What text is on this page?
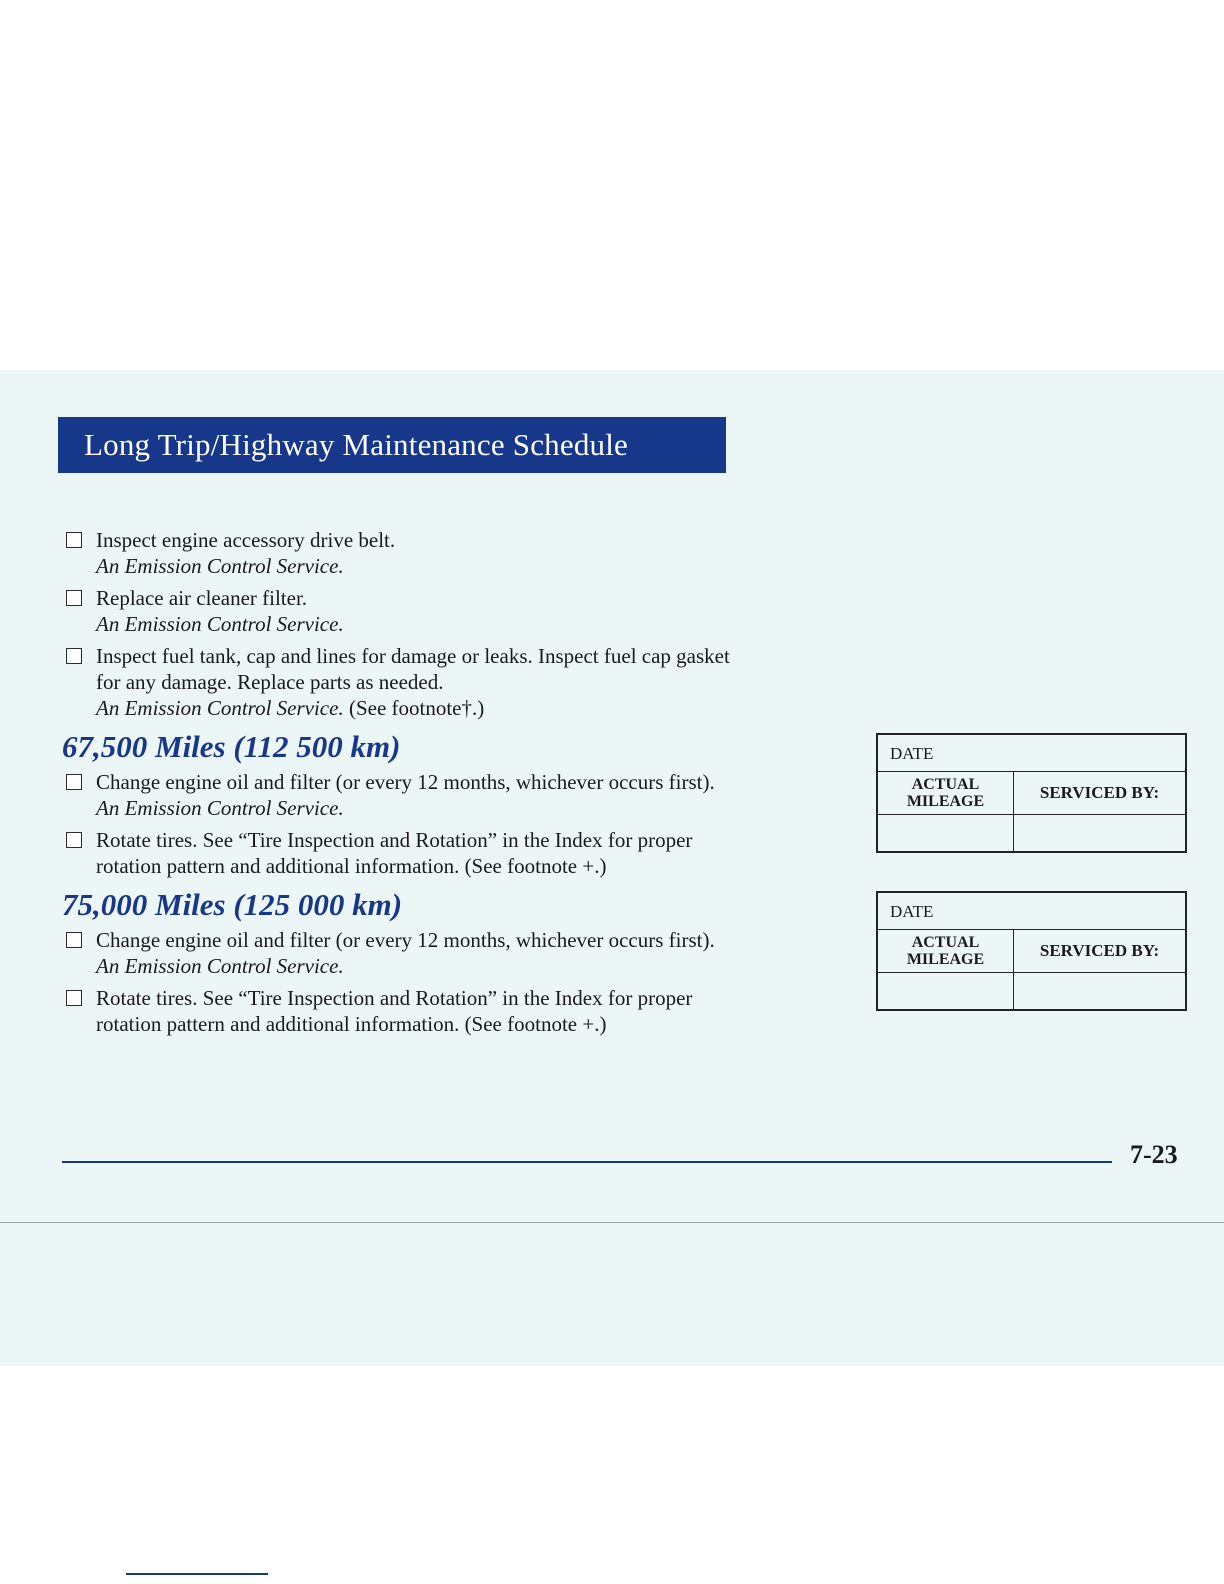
Long Trip/Highway Maintenance Schedule
Inspect engine accessory drive belt.
An Emission Control Service.
Replace air cleaner filter.
An Emission Control Service.
Inspect fuel tank, cap and lines for damage or leaks. Inspect fuel cap gasket
for any damage. Replace parts as needed.
An Emission Control Service. (See footnote†.)
67,500 Miles (112 500 km)
Change engine oil and filter (or every 12 months, whichever occurs first).
An Emission Control Service.
Rotate tires. See “Tire Inspection and Rotation” in the Index for proper
rotation pattern and additional information. (See footnote +.)
75,000 Miles (125 000 km)
Change engine oil and filter (or every 12 months, whichever occurs first).
An Emission Control Service.
Rotate tires. See “Tire Inspection and Rotation” in the Index for proper
rotation pattern and additional information. (See footnote +.)
DATE
ACTUAL
MILEAGE	SERVICED BY:
DATE
ACTUAL
MILEAGE	SERVICED BY:
7-23
